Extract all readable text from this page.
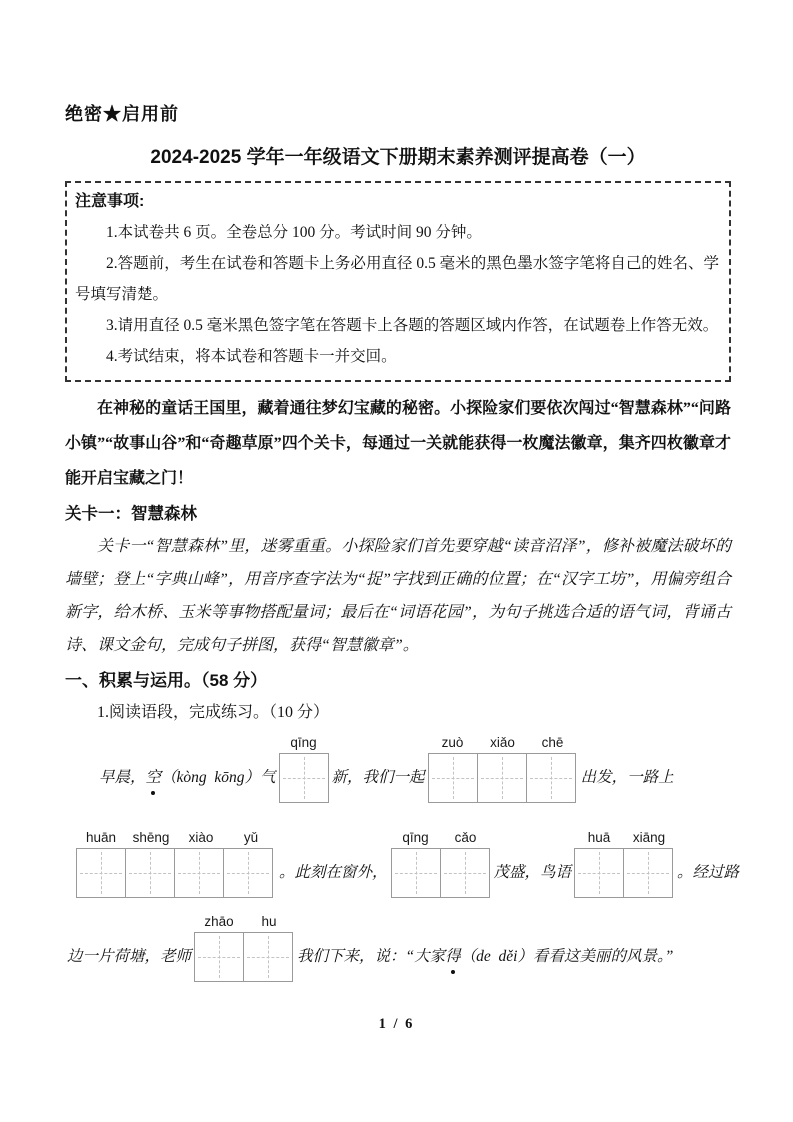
绝密★启用前
2024-2025 学年一年级语文下册期末素养测评提高卷（一）
注意事项:

1.本试卷共 6 页。全卷总分 100 分。考试时间 90 分钟。

2.答题前，考生在试卷和答题卡上务必用直径 0.5 毫米的黑色墨水签字笔将自己的姓名、学号填写清楚。

3.请用直径 0.5 毫米黑色签字笔在答题卡上各题的答题区域内作答，在试题卷上作答无效。

4.考试结束，将本试卷和答题卡一并交回。

在神秘的童话王国里，藏着通往梦幻宝藏的秘密。小探险家们要依次闯过“智慧森林”“问路小镇”“故事山谷”和“奇趣草原”四个关卡，每通过一关就能获得一枚魔法徽章，集齐四枚徽章才能开启宝藏之门！

关卡一：智慧森林

关卡一“智慧森林”里，迷雾重重。小探险家们首先要穿越“读音沼泽”，修补被魔法破坏的墙壁；登上“字典山峰”，用音序查字法为“捉”字找到正确的位置；在“汉字工坊”，用偏旁组合新字，给木桥、玉米等事物搭配量词；最后在“词语花园”，为句子挑选合适的语气词，背诵古诗、课文金句，完成句子拼图，获得“智慧徽章”。

一、积累与运用。（58 分）
1.阅读语段，完成练习。（10 分）
早晨，空（kòng  kōng）气
qīng
新，我们一起
zuò	xiǎo	chē
出发，一路上
huān	shēng	xiào	yǔ
。此刻在窗外，
qīng	cǎo
茂盛，鸟语
huā	xiāng
。经过路
边一片荷塘，老师
zhāo	hu
我们下来，说：“大家得（de  děi）看看这美丽的风景。”
1 / 6
